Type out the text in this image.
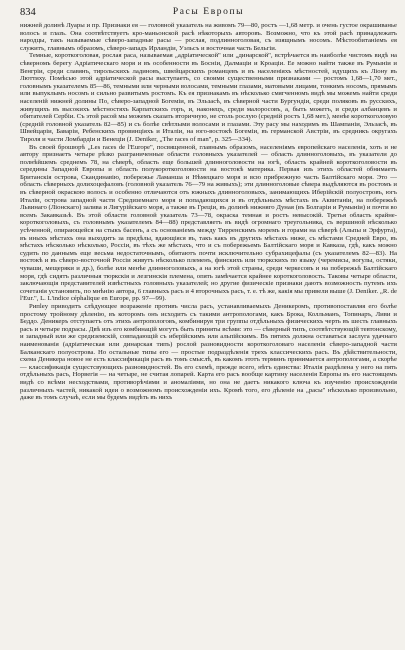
834	Расы Европы

нижней долинѣ Луары и пр. Признаки ея — головной указатель на живомъ 79—80, ростъ —1,68 метр. и очень густое окрашиванье волосъ и глазъ. Она соотвѣтствуетъ кро-маньонской расѣ нѣкоторыхъ авторовъ. Возможно, что къ этой расѣ принадлежатъ народцы, такъ называемые сѣверо-западные расы — рослая, подлинноголовая, съ изящнымъ носомъ. Мѣстообитаніемъ ея служитъ, главнымъ образомъ, сѣверо-западъ Ирландіи, Уэльсъ и восточная часть Бельгіи.

Темные, короткоголовая, рослая раса, называемая „адріатической" или „динарской", встрѣчается въ наиболѣе чистомъ видѣ на сѣверномъ берегу Адріатическаго моря и въ особенности въ Босніи, Далмаціи и Кроаціи. Ее можно найти также въ Румыніи и Венгріи, среди славянъ, тирольскихъ ладиновъ, швейцарскихъ романцевъ и въ населеніяхъ мѣстностей, идущихъ къ Ліону въ Люттиху. Помѣсью этой адріатической расы выступаетъ, со своими существенными признаками — ростомъ 1,68—1,70 мет., головнымъ указателемъ 85—86, темными или черными волосами, темными глазами, матовыми лицами, тонкимъ носомъ, прямымъ или выпуклымъ носомъ и сильно развитымъ ростомъ. Къ ея признакамъ въ нѣсколько смягченномъ видѣ мы можемъ найти среди населеній нижней долины По, сѣверо-западной Богеміи, въ Эльзасѣ, въ сѣверной части Бургундіи, среди поляковъ въ русскихъ, живущихъ въ высокихъ мѣстностяхъ Карпатскихъ горъ, и, наконецъ, среди малоросовъ, а, быть можетъ, и среди албанцевъ и обитателей Сербіи. Съ этой расой мы можемъ сказать вторичную, не столь рослую (средній ростъ 1,68 мет.), менѣе короткоголовую (средній головной указатель 82—85) и съ болѣе свѣтлыми волосами и глазами. Эту расу мы находимъ въ Шампаніи, Эльзасѣ, въ Швейцаріи, Баваріи, Ребенскихъ провинціяхъ и Италіи, на юго-востокѣ Богеміи, въ германской Австріи, въ средникъ округахъ Тироля и части Ломбардіи и Венеціи (J. Deniker, „The races of man", p. 325—334).

Въ своей брошюрѣ „Les races de l'Europe", посвященной, главнымъ образомъ, населеніямъ европейскаго населенія, хоть и не автору признаетъ четыре рѣзко разграниченные области головныхъ указателей — область длинноголовыхъ, въ указатели до полнѣйшемъ среднемъ 78, на сѣверѣ, область еще большей длинноголовости на югѣ, область крайней короткоголовости въ середины Западной Европы и область полукороткоголовости на востокѣ материка. Первая изъ этихъ областей обнимаетъ Британскія острова, Скандинавію, побережье Ламанша и Нѣмецкаго моря и всю прибрежную часть Балтійскаго моря. Это — область сѣверныхъ долихоцефаловъ (головной указатель 76—79 на живыхъ); эти длинноголовые сѣвера выдѣляются въ ростомъ и въ сѣверной окраскою волосъ и особенно отличаются отъ южныхъ длинноголовыхъ, занимающихъ Иберійскій полуостровъ, югъ Италіи, острова западной части Средиземнаго моря и попадающихся и въ отдѣльныхъ мѣстахъ въ Аквитаніи, на побережьѣ Львинаго (Ліонскаго) залива и Лигурійскаго моря, а также въ Греціи, въ долинѣ нижняго Дуная (въ Болгаріи и Румыніи) и почти во всемъ Закавказьѣ. Въ этой области головной указатель 73—78, окраска темная и ростъ невысокій. Третья область крайне-короткоголовыхъ, съ головнымъ указателемъ 84—88) представляетъ въ видѣ огромнаго треугольника, съ вершиной нѣсколько усѣченной, опирающейся на стыкъ басенъ, а съ основаніемъ между Тирренскимъ моремъ и горами на сѣверѣ (Альпы и Эрфурта), въ иныхъ мѣстахъ она выходитъ за предѣлы, вдающіяся въ, такъ какъ въ другихъ мѣстахъ ниже, съ мѣстами Средней Евро, въ мѣстахъ нѣсколько нѣсколько, Россіи, въ тѣхъ же мѣстахъ, что и съ побережьемъ Балтійскаго моря и Кавказа, гдѣ, какъ можно судить по даннымъ еще весьма недостаточнымъ, обитаютъ почти исключительно субрахицефалы (съ указателемъ 82—83). На востокѣ и въ сѣверо-восточной Россіи живутъ нѣсколько племенъ, финскихъ или тюркскихъ по языку (черемисы, вогулы, остяки, чуваши, мещеряки и др.), болѣе или менѣе длинноголовыхъ, а на югѣ этой страны, среди черкесовъ и на побережьѣ Балтійскаго моря, гдѣ сидятъ различныя тюркскія и лезгинскія племена, опять замѣчается крайнее короткоголовость. Таковы четыре области, заключающія представителей извѣстныхъ головныхъ указателей; но другие физическіе признаки даютъ возможность путемъ ихъ сочетанія установить, по мнѣнію автора, 6 главныхъ расъ и 4 второчныхъ расъ, т. е. тѣ же, какія мы привели выше (J. Deniker. „R. de l'Eur.", L. L'indice céphalique en Europe, pp. 97—99).

Рипley приводитъ слѣдующее возраженіе противъ числа расъ, устанавливаемыхъ Деникеромъ, противопоставляя его болѣе простому тройному дѣленію, въ которомъ онъ исходитъ съ такими антропологами, какъ Брока, Колльманъ, Топинаръ, Ливи и Беддо. Деникеръ отступаетъ отъ этихъ антропологовъ, комбинируя три группы отдѣльныхъ физическихъ черть въ шесть главныхъ расъ и четыре подрасы. Двѣ изъ его комбинацій могутъ быть приняты всѣми: это — сѣверный типъ, соотвѣтствующій тевтонскому, и западный или же средиземскій, совпадающій съ иберійскимъ или альпійскимъ. Въ пятихъ должна оставаться заслуга удачнаго наименованія (адріатическая или динарская типъ) рослой разновидности короткоголоваго населенія сѣверо-западной части Балканскаго полуострова. Но остальные типы его — простые подраздѣленія трехъ классическихъ расъ. Въ дѣйствительности, схема Деникера новое не есть классификація расъ въ томъ смыслѣ, въ какомъ этотъ терминъ принимается антропологами, а скорѣе — классификація сущестсвующихъ разновидностей. Въ его схемѣ, прежде всего, нѣтъ единства: Италія раздѣлена у него на пять отдѣльныхъ расъ, Норвегія — на четыре, не считая лопарей. Карта его расъ вообще картину населенія Европы въ его настоящемъ видѣ со всѣми несходствами, противорѣчіями и аномаліями, но она не даетъ никакого ключа къ изученію происхожденія различныхъ частей, никакой идеи о возможномъ происхожденіи ихъ. Кромѣ того, его дѣленіе на „расы" нѣсколько произвольно, даже въ томъ случаѣ, если мы будемъ видѣть въ нихъ
